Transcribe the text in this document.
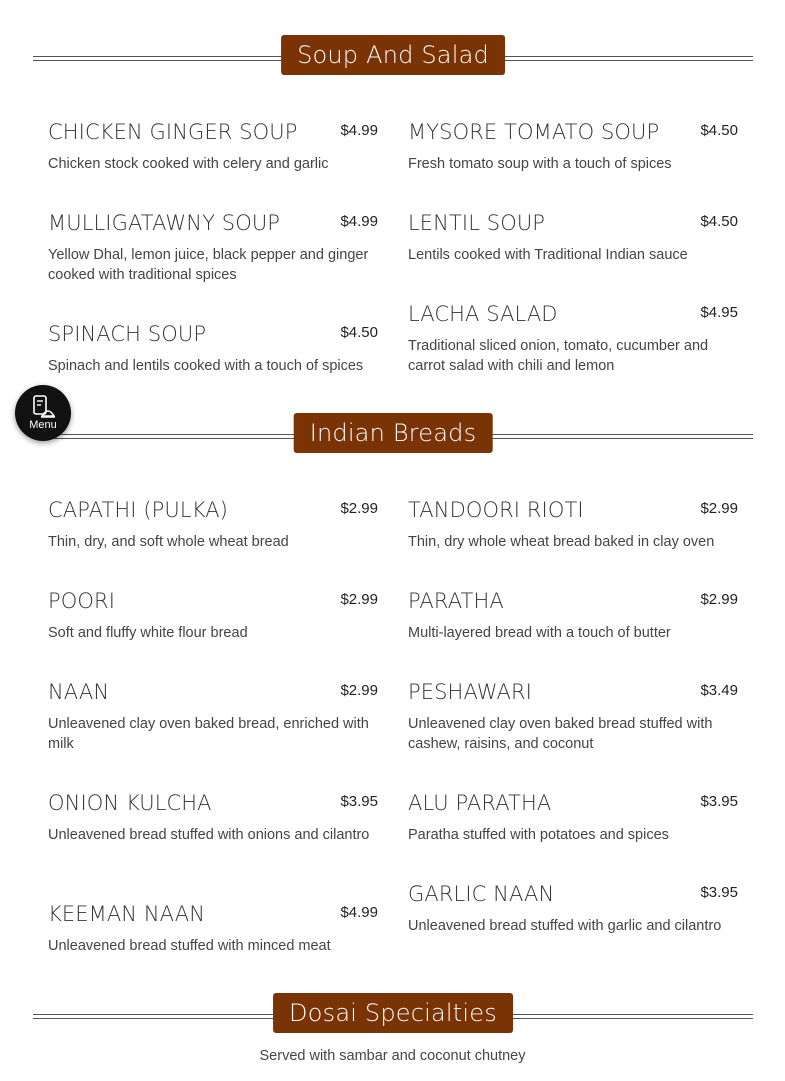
Soup And Salad
CHICKEN GINGER SOUP	$4.99
Chicken stock cooked with celery and garlic
MULLIGATAWNY SOUP	$4.99
Yellow Dhal, lemon juice, black pepper and ginger cooked with traditional spices
SPINACH SOUP	$4.50
Spinach and lentils cooked with a touch of spices
MYSORE TOMATO SOUP	$4.50
Fresh tomato soup with a touch of spices
LENTIL SOUP	$4.50
Lentils cooked with Traditional Indian sauce
LACHA SALAD	$4.95
Traditional sliced onion, tomato, cucumber and carrot salad with chili and lemon
Indian Breads
CAPATHI (PULKA)	$2.99
Thin, dry, and soft whole wheat bread
POORI	$2.99
Soft and fluffy white flour bread
NAAN	$2.99
Unleavened clay oven baked bread, enriched with milk
ONION KULCHA	$3.95
Unleavened bread stuffed with onions and cilantro
KEEMAN NAAN	$4.99
Unleavened bread stuffed with minced meat
TANDOORI RIOTI	$2.99
Thin, dry whole wheat bread baked in clay oven
PARATHA	$2.99
Multi-layered bread with a touch of butter
PESHAWARI	$3.49
Unleavened clay oven baked bread stuffed with cashew, raisins, and coconut
ALU PARATHA	$3.95
Paratha stuffed with potatoes and spices
GARLIC NAAN	$3.95
Unleavened bread stuffed with garlic and cilantro
Dosai Specialties
Served with sambar and coconut chutney
Menu
